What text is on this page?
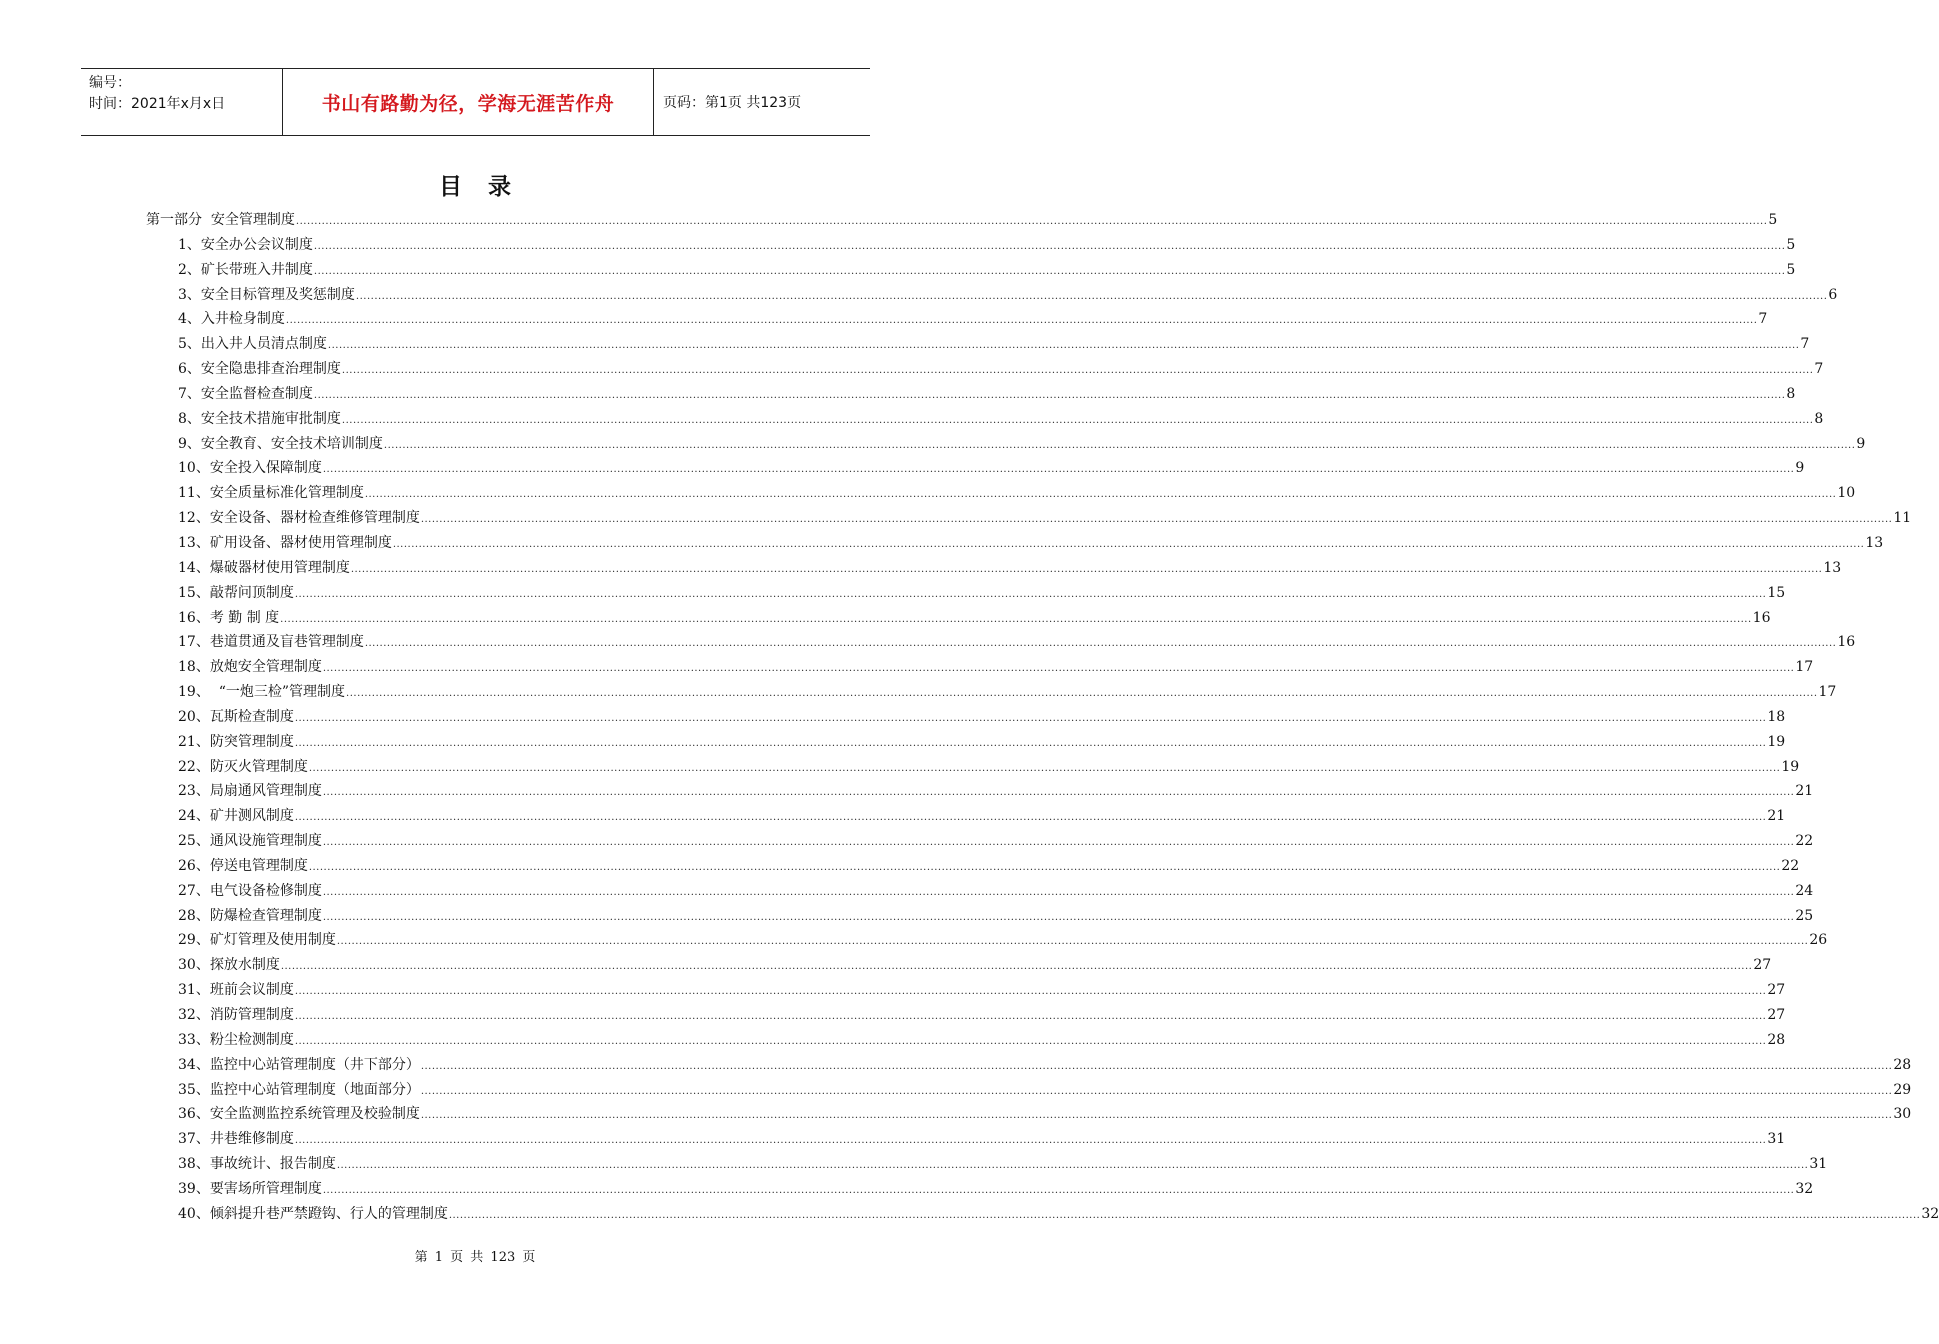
编号：
时间：2021年x月x日	书山有路勤为径，学海无涯苦作舟	页码：第1页 共123页
目录
第一部分  安全管理制度 ................................................................................................................................................................................................................................................................................................................................................................................................................ 5
1、安全办公会议制度 ................................................................................................................................................................................................................................................................................................................................................................................................................ 5
2、矿长带班入井制度 ................................................................................................................................................................................................................................................................................................................................................................................................................ 5
3、安全目标管理及奖惩制度 ................................................................................................................................................................................................................................................................................................................................................................................................................ 6
4、入井检身制度 ................................................................................................................................................................................................................................................................................................................................................................................................................ 7
5、出入井人员清点制度 ................................................................................................................................................................................................................................................................................................................................................................................................................ 7
6、安全隐患排查治理制度 ................................................................................................................................................................................................................................................................................................................................................................................................................ 7
7、安全监督检查制度 ................................................................................................................................................................................................................................................................................................................................................................................................................ 8
8、安全技术措施审批制度 ................................................................................................................................................................................................................................................................................................................................................................................................................ 8
9、安全教育、安全技术培训制度 ................................................................................................................................................................................................................................................................................................................................................................................................................ 9
10、安全投入保障制度 ................................................................................................................................................................................................................................................................................................................................................................................................................ 9
11、安全质量标准化管理制度 ................................................................................................................................................................................................................................................................................................................................................................................................................ 10
12、安全设备、器材检查维修管理制度 ................................................................................................................................................................................................................................................................................................................................................................................................................ 11
13、矿用设备、器材使用管理制度 ................................................................................................................................................................................................................................................................................................................................................................................................................ 13
14、爆破器材使用管理制度 ................................................................................................................................................................................................................................................................................................................................................................................................................ 13
15、敲帮问顶制度 ................................................................................................................................................................................................................................................................................................................................................................................................................ 15
16、考 勤 制 度 ................................................................................................................................................................................................................................................................................................................................................................................................................ 16
17、巷道贯通及盲巷管理制度 ................................................................................................................................................................................................................................................................................................................................................................................................................ 16
18、放炮安全管理制度 ................................................................................................................................................................................................................................................................................................................................................................................................................ 17
19、  “一炮三检”管理制度 ................................................................................................................................................................................................................................................................................................................................................................................................................ 17
20、瓦斯检查制度 ................................................................................................................................................................................................................................................................................................................................................................................................................ 18
21、防突管理制度 ................................................................................................................................................................................................................................................................................................................................................................................................................ 19
22、防灭火管理制度 ................................................................................................................................................................................................................................................................................................................................................................................................................ 19
23、局扇通风管理制度 ................................................................................................................................................................................................................................................................................................................................................................................................................ 21
24、矿井测风制度 ................................................................................................................................................................................................................................................................................................................................................................................................................ 21
25、通风设施管理制度 ................................................................................................................................................................................................................................................................................................................................................................................................................ 22
26、停送电管理制度 ................................................................................................................................................................................................................................................................................................................................................................................................................ 22
27、电气设备检修制度 ................................................................................................................................................................................................................................................................................................................................................................................................................ 24
28、防爆检查管理制度 ................................................................................................................................................................................................................................................................................................................................................................................................................ 25
29、矿灯管理及使用制度 ................................................................................................................................................................................................................................................................................................................................................................................................................ 26
30、探放水制度 ................................................................................................................................................................................................................................................................................................................................................................................................................ 27
31、班前会议制度 ................................................................................................................................................................................................................................................................................................................................................................................................................ 27
32、消防管理制度 ................................................................................................................................................................................................................................................................................................................................................................................................................ 27
33、粉尘检测制度 ................................................................................................................................................................................................................................................................................................................................................................................................................ 28
34、监控中心站管理制度（井下部分） ................................................................................................................................................................................................................................................................................................................................................................................................................ 28
35、监控中心站管理制度（地面部分） ................................................................................................................................................................................................................................................................................................................................................................................................................ 29
36、安全监测监控系统管理及校验制度 ................................................................................................................................................................................................................................................................................................................................................................................................................ 30
37、井巷维修制度 ................................................................................................................................................................................................................................................................................................................................................................................................................ 31
38、事故统计、报告制度 ................................................................................................................................................................................................................................................................................................................................................................................................................ 31
39、要害场所管理制度 ................................................................................................................................................................................................................................................................................................................................................................................................................ 32
40、倾斜提升巷严禁蹬钩、行人的管理制度 ................................................................................................................................................................................................................................................................................................................................................................................................................ 32
第 1 页 共 123 页
